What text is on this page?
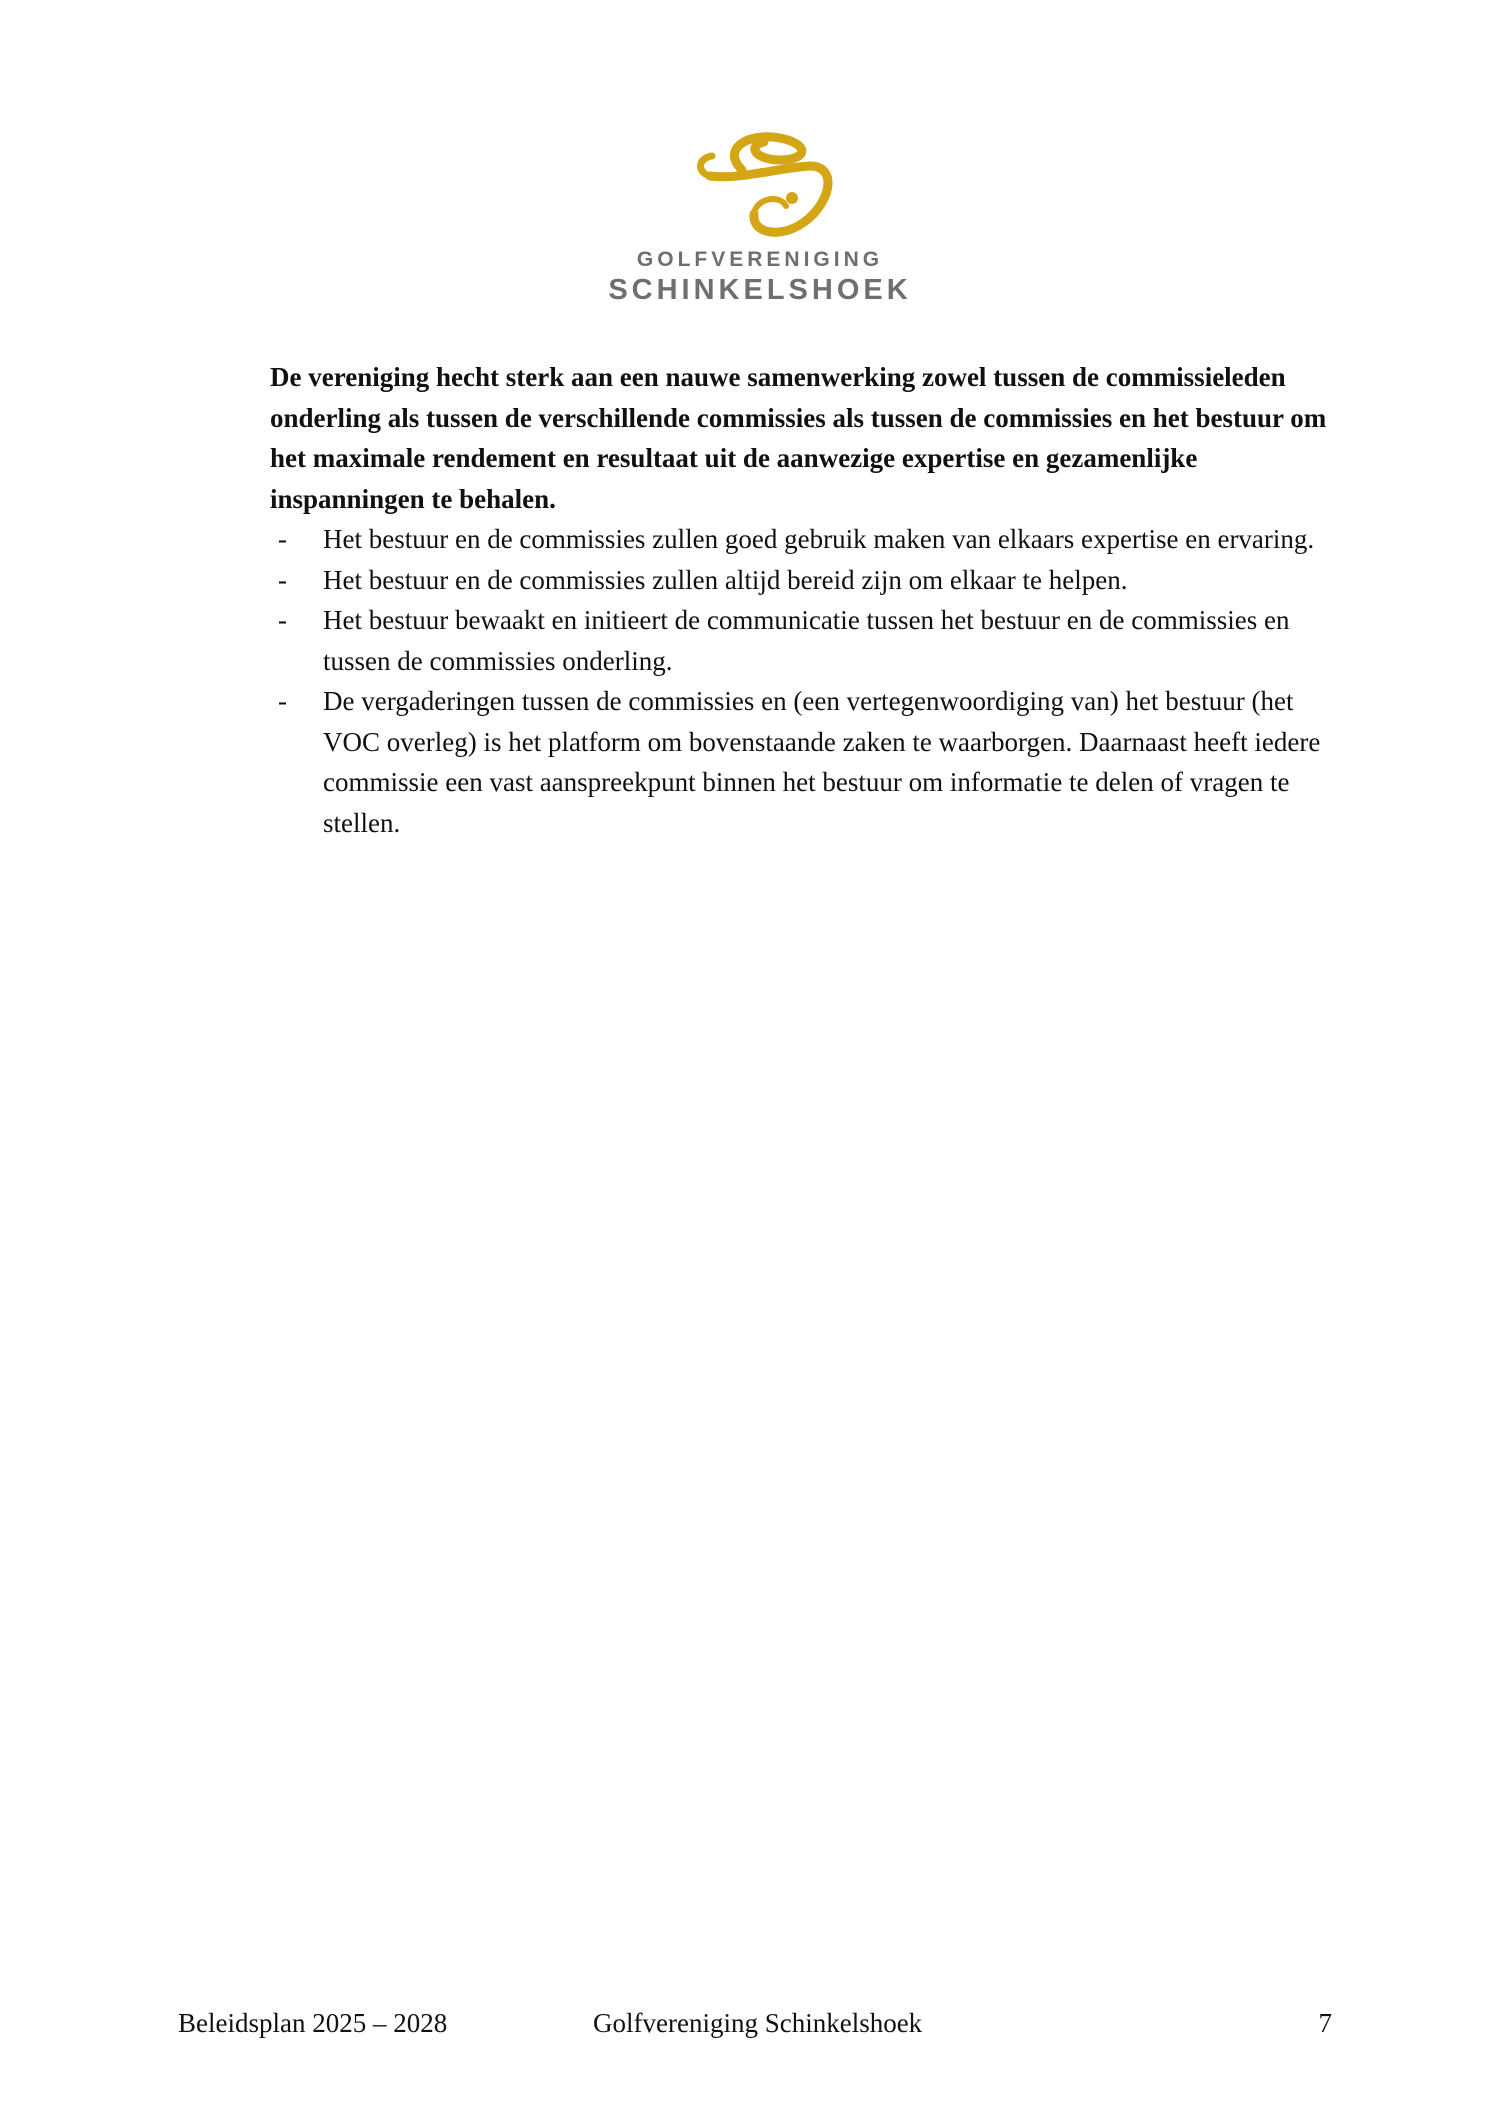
GOLFVERENIGING
SCHINKELSHOEK

De vereniging hecht sterk aan een nauwe samenwerking zowel tussen de commissieleden onderling als tussen de verschillende commissies als tussen de commissies en het bestuur om het maximale rendement en resultaat uit de aanwezige expertise en gezamenlijke inspanningen te behalen.

- Het bestuur en de commissies zullen goed gebruik maken van elkaars expertise en ervaring.
- Het bestuur en de commissies zullen altijd bereid zijn om elkaar te helpen.
- Het bestuur bewaakt en initieert de communicatie tussen het bestuur en de commissies en tussen de commissies onderling.
- De vergaderingen tussen de commissies en (een vertegenwoordiging van) het bestuur (het VOC overleg) is het platform om bovenstaande zaken te waarborgen. Daarnaast heeft iedere commissie een vast aanspreekpunt binnen het bestuur om informatie te delen of vragen te stellen.
Beleidsplan 2025 – 2028	Golfvereniging Schinkelshoek	7
